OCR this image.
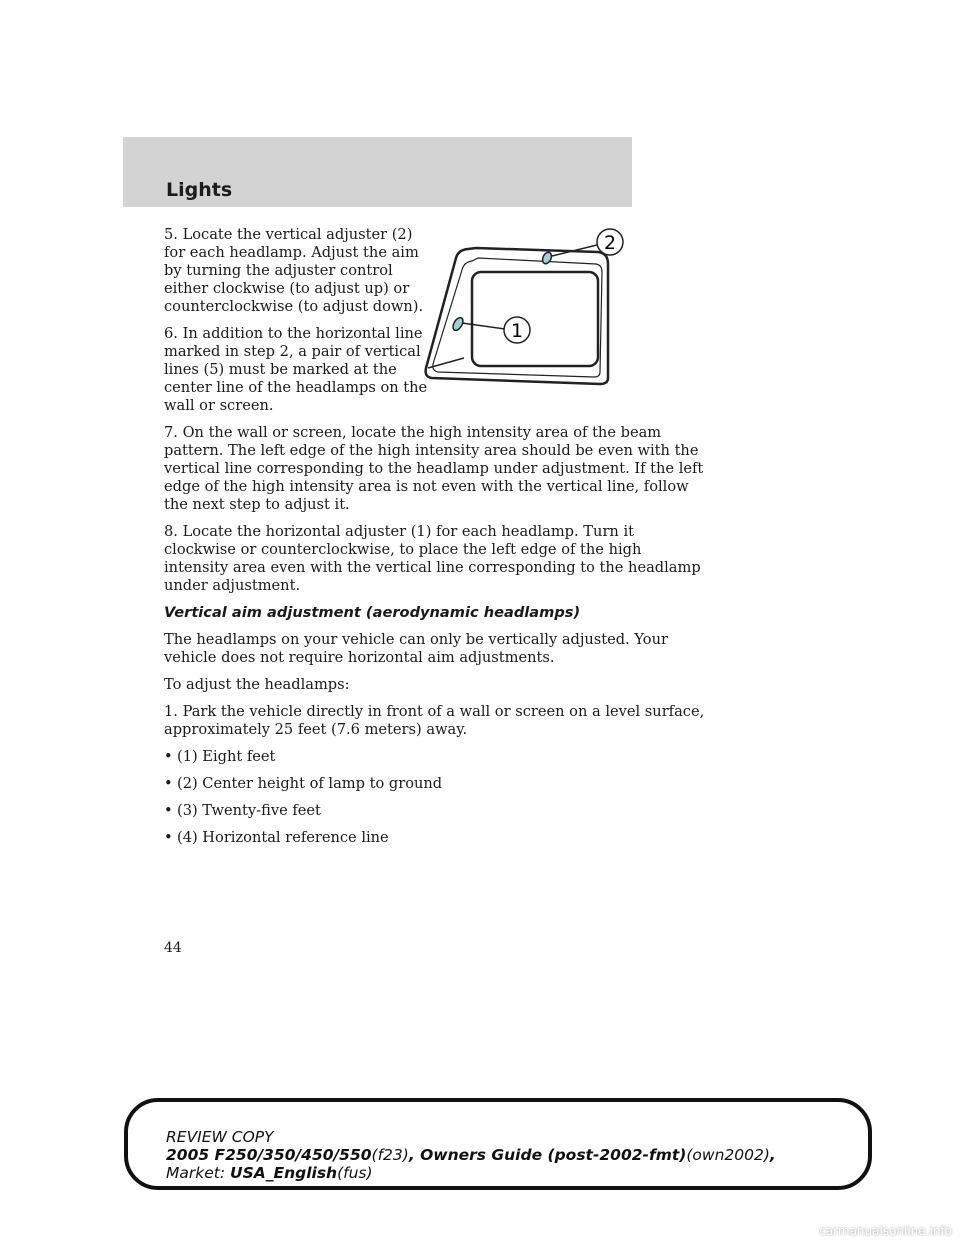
Lights
2
1
5. Locate the vertical adjuster (2)
for each headlamp. Adjust the aim
by turning the adjuster control
either clockwise (to adjust up) or
counterclockwise (to adjust down).
6. In addition to the horizontal line
marked in step 2, a pair of vertical
lines (5) must be marked at the
center line of the headlamps on the
wall or screen.
7. On the wall or screen, locate the high intensity area of the beam
pattern. The left edge of the high intensity area should be even with the
vertical line corresponding to the headlamp under adjustment. If the left
edge of the high intensity area is not even with the vertical line, follow
the next step to adjust it.
8. Locate the horizontal adjuster (1) for each headlamp. Turn it
clockwise or counterclockwise, to place the left edge of the high
intensity area even with the vertical line corresponding to the headlamp
under adjustment.
Vertical aim adjustment (aerodynamic headlamps)
The headlamps on your vehicle can only be vertically adjusted. Your
vehicle does not require horizontal aim adjustments.
To adjust the headlamps:
1. Park the vehicle directly in front of a wall or screen on a level surface,
approximately 25 feet (7.6 meters) away.
• (1) Eight feet
• (2) Center height of lamp to ground
• (3) Twenty-five feet
• (4) Horizontal reference line
44
REVIEW COPY
2005 F250/350/450/550(f23), Owners Guide (post-2002-fmt)(own2002),
Market: USA_English(fus)
carmanualsonline.info
